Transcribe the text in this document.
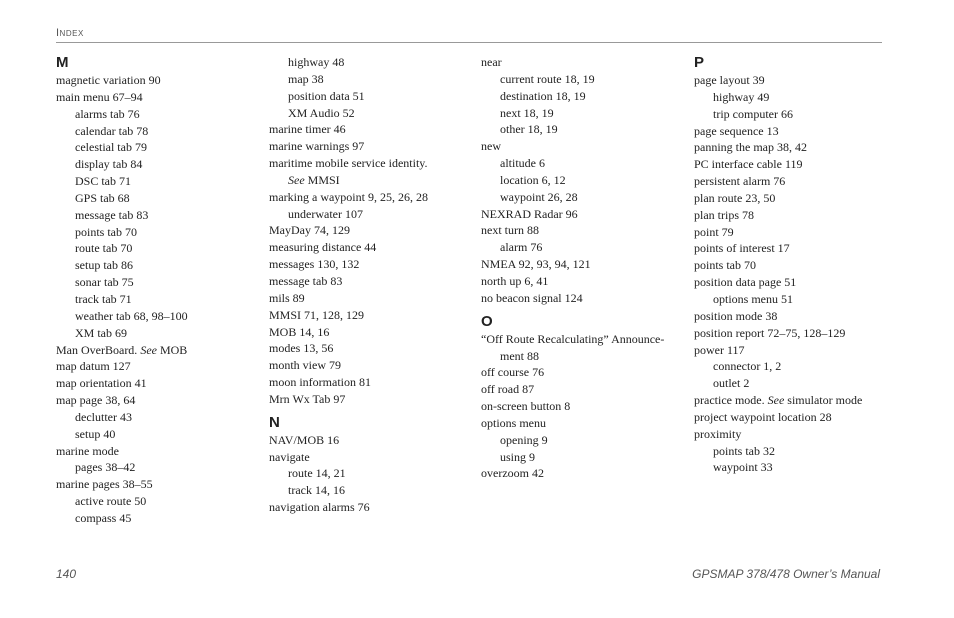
Index
M
magnetic variation 90
main menu 67–94
alarms tab 76
calendar tab 78
celestial tab 79
display tab 84
DSC tab 71
GPS tab 68
message tab 83
points tab 70
route tab 70
setup tab 86
sonar tab 75
track tab 71
weather tab 68, 98–100
XM tab 69
Man OverBoard. See MOB
map datum 127
map orientation 41
map page 38, 64
declutter 43
setup 40
marine mode
pages 38–42
marine pages 38–55
active route 50
compass 45
highway 48
map 38
position data 51
XM Audio 52
marine timer 46
marine warnings 97
maritime mobile service identity.
See MMSI
marking a waypoint 9, 25, 26, 28
underwater 107
MayDay 74, 129
measuring distance 44
messages 130, 132
message tab 83
mils 89
MMSI 71, 128, 129
MOB 14, 16
modes 13, 56
month view 79
moon information 81
Mrn Wx Tab 97
N
NAV/MOB 16
navigate
route 14, 21
track 14, 16
navigation alarms 76
near
current route 18, 19
destination 18, 19
next 18, 19
other 18, 19
new
altitude 6
location 6, 12
waypoint 26, 28
NEXRAD Radar 96
next turn 88
alarm 76
NMEA 92, 93, 94, 121
north up 6, 41
no beacon signal 124
O
“Off Route Recalculating” Announce-
ment 88
off course 76
off road 87
on-screen button 8
options menu
opening 9
using 9
overzoom 42
P
page layout 39
highway 49
trip computer 66
page sequence 13
panning the map 38, 42
PC interface cable 119
persistent alarm 76
plan route 23, 50
plan trips 78
point 79
points of interest 17
points tab 70
position data page 51
options menu 51
position mode 38
position report 72–75, 128–129
power 117
connector 1, 2
outlet 2
practice mode. See simulator mode
project waypoint location 28
proximity
points tab 32
waypoint 33
140	GPSMAP 378/478 Owner’s Manual
